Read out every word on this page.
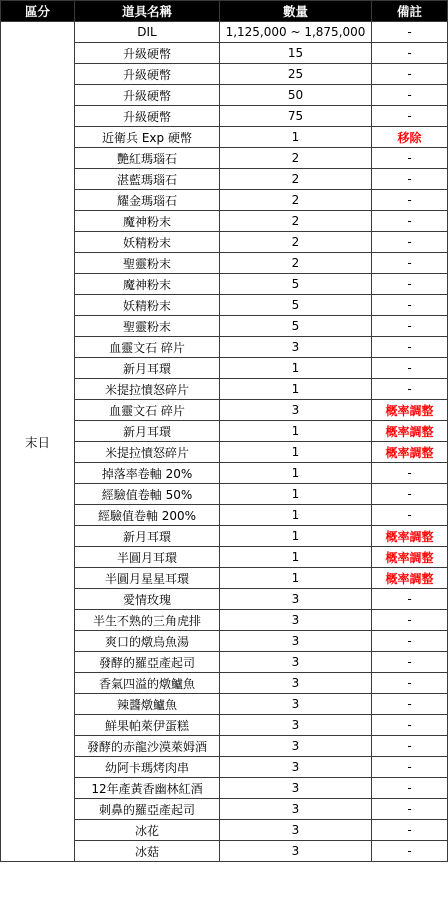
區分	道具名稱	數量	備註
末日	DIL	1,125,000 ~ 1,875,000	-
	升級硬幣	15	-
	升級硬幣	25	-
	升級硬幣	50	-
	升級硬幣	75	-
	近衛兵 Exp 硬幣	1	移除
	艷紅瑪瑙石	2	-
	湛藍瑪瑙石	2	-
	耀金瑪瑙石	2	-
	魔神粉末	2	-
	妖精粉末	2	-
	聖靈粉末	2	-
	魔神粉末	5	-
	妖精粉末	5	-
	聖靈粉末	5	-
	血靈文石 碎片	3	-
	新月耳環	1	-
	米提拉憤怒碎片	1	-
	血靈文石 碎片	3	概率調整
	新月耳環	1	概率調整
	米提拉憤怒碎片	1	概率調整
	掉落率卷軸 20%	1	-
	經驗值卷軸 50%	1	-
	經驗值卷軸 200%	1	-
	新月耳環	1	概率調整
	半圓月耳環	1	概率調整
	半圓月星星耳環	1	概率調整
	愛情玫瑰	3	-
	半生不熟的三角虎排	3	-
	爽口的燉烏魚湯	3	-
	發酵的羅亞產起司	3	-
	香氣四溢的燉鱸魚	3	-
	辣醬燉鱸魚	3	-
	鮮果帕萊伊蛋糕	3	-
	發酵的赤龍沙漠萊姆酒	3	-
	幼阿卡瑪烤肉串	3	-
	12年產黃香幽林紅酒	3	-
	刺鼻的羅亞產起司	3	-
	冰花	3	-
	冰菇	3	-
